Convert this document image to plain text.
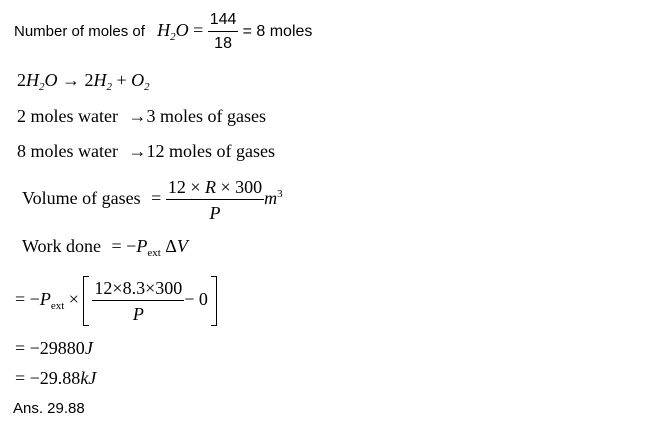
Number of moles of $H_2O = \frac{144}{18} = 8$ moles
$2H_2O \to 2H_2 + O_2$
2 moles water →3 moles of gases
8 moles water →12 moles of gases
Volume of gases = $\frac{12 \times R \times 300}{P} m^3$
Work done = $-P_{ext}$ ΔV
= $-P_{ext} \times \frac{12\times 8.3\times 300}{P} - 0$
= −29880J
= −29.88kJ
Ans. 29.88
